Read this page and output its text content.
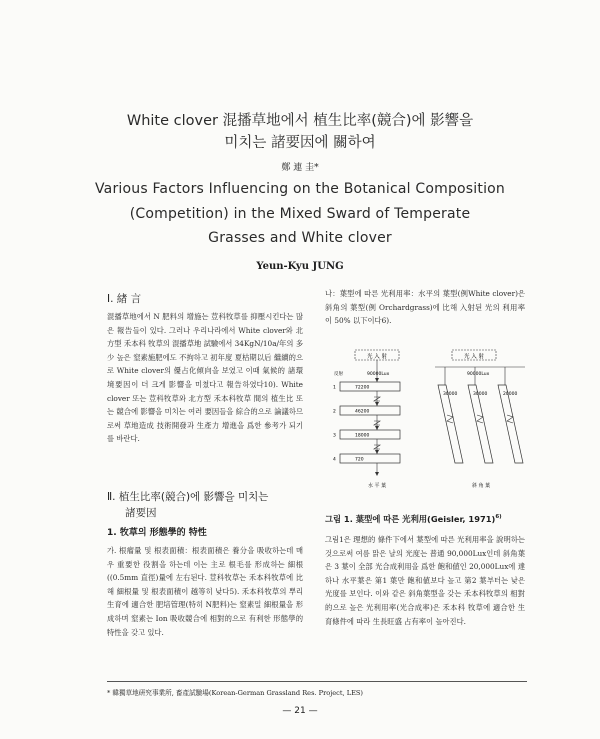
White clover 混播草地에서 植生比率(競合)에 影響을
미치는 諸要因에 關하여
鄭 連 圭*
Various Factors Influencing on the Botanical Composition
(Competition) in the Mixed Sward of Temperate
Grasses and White clover
Yeun-Kyu JUNG
Ⅰ. 緖 言

混播草地에서 N 肥料의 增施는 荳科牧草를 抑壓시킨다는 많은 報告들이 있다. 그러나 우리나라에서 White clover와 北方型 禾本科 牧草의 混播草地 試驗에서 34KgN/10a/年의 多少 높은 窒素施肥에도 不拘하고 初年度 夏枯期以后 繼續的으로 White clover의 優占化傾向을 보였고 이때 氣候的 諸環境要因이 더 크게 影響을 미쳤다고 報告하였다10). White clover 또는 荳科牧草와 北方型 禾本科牧草 間의 植生比 또는 競合에 影響을 미치는 여러 要因들을 綜合的으로 論議하므로써 草地造成 技術開發과 生產力 增進을 爲한 參考가 되기를 바란다.

Ⅱ. 植生比率(競合)에 影響을 미치는
諸要因
1. 牧草의 形態學的 特性

가. 根瘤量 및 根表面積：根表面積은 養分을 吸收하는데 매우 重要한 役割을 하는데 이는 主로 根毛를 形成하는 細根((0.5mm 直徑)量에 左右된다. 荳科牧草는 禾本科牧草에 比해 細根量 및 根表面積이 越等히 낮다5). 禾本科牧草의 뿌리生育에 適合한 肥培管理(特히 N肥料)는 窒素밀 細根量을 形成하며 窒素는 Ion 吸收競合에 相對的으로 有利한 形態學的 特性을 갖고 있다.

나：葉型에 따른 光利用率：水平의 葉型(例White clover)은 斜角의 葉型(例 Orchardgrass)에 比해 入射된 光의 利用率이 50% 以下이다6).

光 入 射
反射	90000Lux
72200
46200
18000
720
1
2
3
4
水 平 葉
光 入 射
90000Lux
30000	30000	20000
斜 角 葉
그림 1. 葉型에 따른 光利用(Geisler, 1971)$^{6)}$

그림1은 理想的 條件下에서 葉型에 따른 光利用率을 說明하는 것으로써 여름 맑은 날의 光度는 普通 90,000Lux인데 斜角葉은 3 葉이 全部 光合成利用을 爲한 飽和値인 20,000Lux에 達하나 水平葉은 第1 葉만 飽和値보다 높고 第2 葉부터는 낮은 光度를 보인다. 이와 같은 斜角葉型을 갖는 禾本科牧草의 相對的으로 높은 光利用率(光合成率)은 禾本科 牧草에 適合한 生育條件에 따라 生長旺盛 占有率이 높아진다.

* 韓獨草地硏究事業所, 畜產試驗場(Korean-German Grassland Res. Project, LES)
— 21 —
